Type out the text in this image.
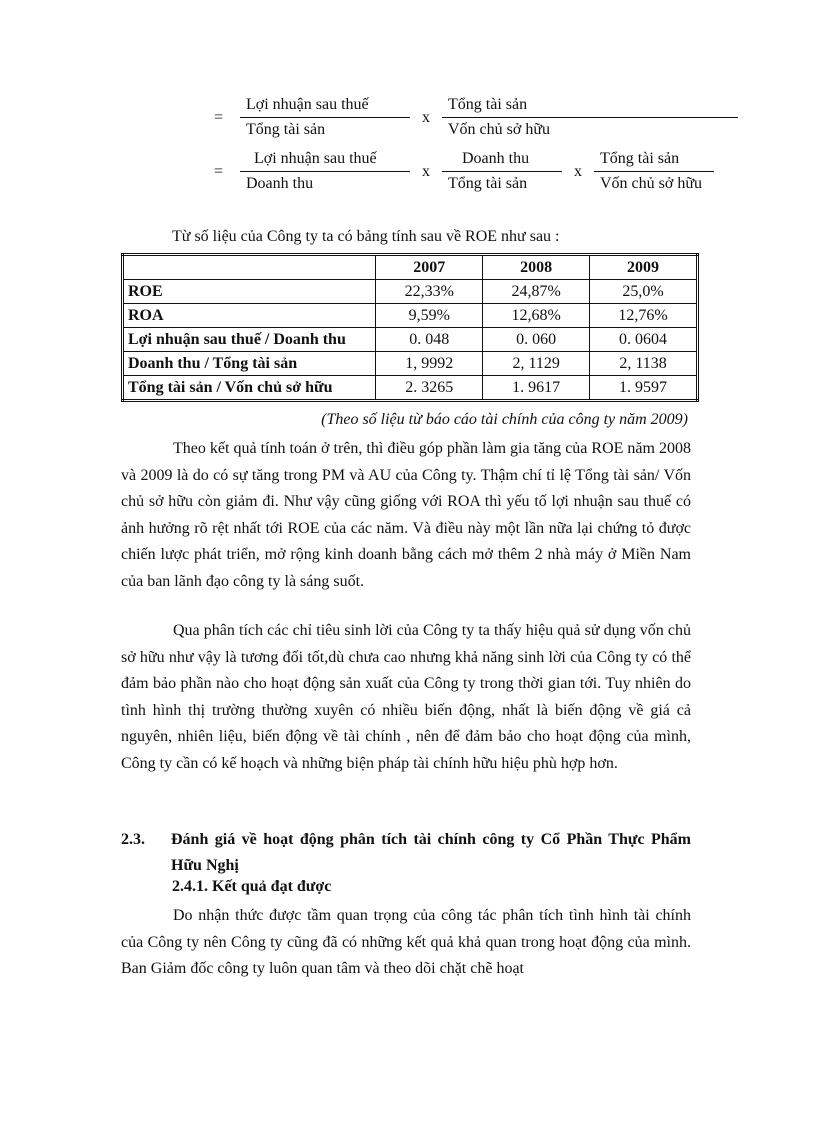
=	$\frac{\text{Lợi nhuận sau thuế}}{\text{Tổng tài sản}}$ x $\frac{\text{Tổng tài sản}}{\text{Vốn chủ sở hữu}}$
=	$\frac{\text{Lợi nhuận sau thuế}}{\text{Doanh thu}}$ x $\frac{\text{Doanh thu}}{\text{Tổng tài sản}}$ x $\frac{\text{Tổng tài sản}}{\text{Vốn chủ sở hữu}}$
Từ số liệu của Công ty ta có bảng tính sau về ROE như sau :
	2007	2008	2009
ROE	22,33%	24,87%	25,0%
ROA	9,59%	12,68%	12,76%
Lợi nhuận sau thuế / Doanh thu	0. 048	0. 060	0. 0604
Doanh thu / Tổng tài sản	1, 9992	2, 1129	2, 1138
Tổng tài sản / Vốn chủ sở hữu	2. 3265	1. 9617	1. 9597
(Theo số liệu từ báo cáo tài chính của công ty năm 2009)
Theo kết quả tính toán ở trên, thì điều góp phần làm gia tăng của ROE năm 2008 và 2009 là do có sự tăng trong PM và AU của Công ty. Thậm chí tỉ lệ Tổng tài sản/ Vốn chủ sở hữu còn giảm đi. Như vậy cũng giống với ROA thì yếu tố lợi nhuận sau thuế có ảnh hưởng rõ rệt nhất tới ROE của các năm. Và điều này một lần nữa lại chứng tỏ được chiến lược phát triển, mở rộng kinh doanh bằng cách mở thêm 2 nhà máy ở Miền Nam của ban lãnh đạo công ty là sáng suốt.
Qua phân tích các chỉ tiêu sinh lời của Công ty ta thấy hiệu quả sử dụng vốn chủ sở hữu như vậy là tương đối tốt,dù chưa cao nhưng khả năng sinh lời của Công ty có thể đảm bảo phần nào cho hoạt động sản xuất của Công ty trong thời gian tới. Tuy nhiên do tình hình thị trường thường xuyên có nhiều biến động, nhất là biến động về giá cả nguyên, nhiên liệu, biến động về tài chính , nên để đảm bảo cho hoạt động của mình, Công ty cần có kế hoạch và những biện pháp tài chính hữu hiệu phù hợp hơn.
2.3. Đánh giá về hoạt động phân tích tài chính công ty Cổ Phần Thực Phẩm Hữu Nghị
2.4.1. Kết quả đạt được
Do nhận thức được tầm quan trọng của công tác phân tích tình hình tài chính của Công ty nên Công ty cũng đã có những kết quả khả quan trong hoạt động của mình. Ban Giảm đốc công ty luôn quan tâm và theo dõi chặt chẽ hoạt
